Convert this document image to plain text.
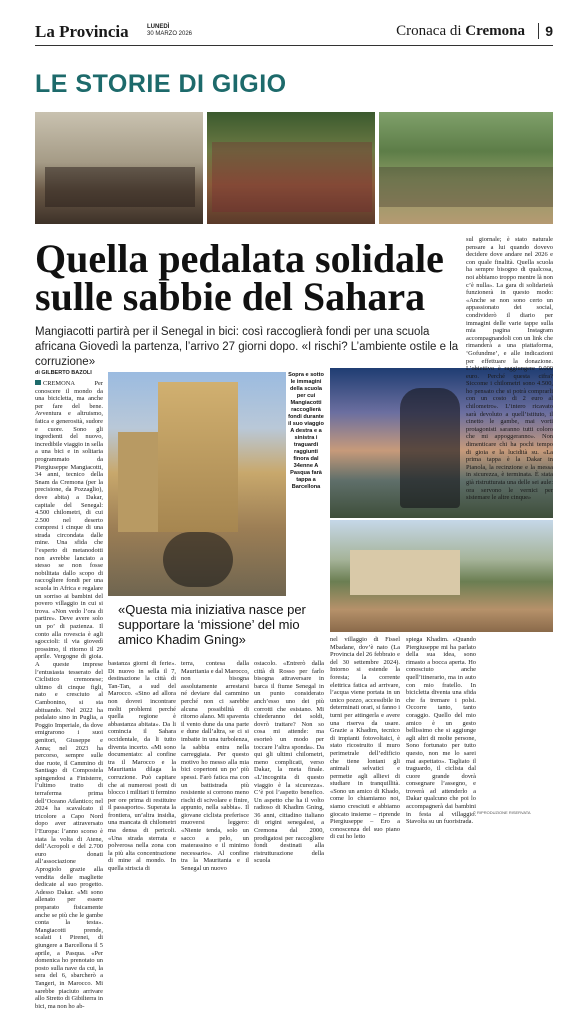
La Provincia	LUNEDÌ
30 MARZO 2026	Cronaca di Cremona	9
LE STORIE DI GIGIO
Quella pedalata solidale sulle sabbie del Sahara
Mangiacotti partirà per il Senegal in bici: così raccoglierà fondi per una scuola africana Giovedì la partenza, l’arrivo 27 giorni dopo. «I rischi? L’ambiente ostile e la corruzione»
di GILBERTO BAZOLI

CREMONA Per conoscere il mondo da una bicicletta, ma anche per fare del bene. Avventura e altruismo, fatica e generosità, sudore e cuore. Sono gli ingredienti del nuovo, incredibile viaggio in sella a una bici e in solitaria programmato da Piergiuseppe Mangiacotti, 34 anni, tecnico della Snam da Cremona (per la precisione, da Pozzaglio), dove abita) a Dakar, capitale del Senegal: 4.500 chilometri, di cui 2.500 nel deserto compresi i cinque di una strada circondata dalle mine. Una sfida che l’esperto di metanodotti non avrebbe lanciato a stesso se non fosse nobilitata dallo scopo di raccogliere fondi per una scuola in Africa e regalare un sorriso ai bambini del povero villaggio in cui si trova. «Non vedo l’ora di partire». Deve avere solo un po’ di pazienza. Il conto alla rovescia è agli sgoccioli: il via giovedì prossimo, il ritorno il 29 aprile. Vergogne di gioia. A queste imprese l’entusiasta tesserato del Ciclistico cremonese; ultimo di cinque figli, nato e cresciuto al Cambonino, si sta abituando. Nel 2022 ha pedalato sino in Puglia, a Poggio Imperiale, da dove emigrarono i suoi genitori, Giuseppe e Anna; nel 2023 ha percorso, sempre sulle due ruote, il Cammino di Santiago di Compostela spingendosi a Finisterre, l’ultimo tratto di terraferma prima dell’Oceano Atlantico; nel 2024 ha scavalcato il tricolore a Capo Nord dopo aver attraversato l’Europa: l’anno scorso è stata la volta di Atene, dell’Acropoli e del 2.700 euro donati all’associazione Aprogiolo grazie alla vendita delle magliette dedicate al suo progetto. Adesso Dakar. «Mi sono allenato per essere preparato fisicamente anche se più che le gambe conta la testa». Mangiacotti prende, scalati i Pirenei, di giungere a Barcellona il 5 aprile, a Pasqua. «Per domenica ho prenotato un posto sulla nave da cui, la sera del 6, sbarcherò a Tangeri, in Marocco. Mi sarebbe piaciuto arrivare allo Stretto di Gibilterra in bici, ma non ho ab-

Sopra e sotto le immagini della scuola per cui Mangiacotti raccoglierà fondi durante il suo viaggio A destra e a sinistra i traguardi raggiunti finora dal 34enne A Pasqua farà tappa a Barcellona
«Questa mia iniziativa nasce per supportare la ‘missione’ del mio amico Khadim Gning»

bastanza giorni di ferie». Di nuovo in sella il 7, destinazione la città di Tan-Tan, a sud del Marocco. «Sino ad allora non dovrei incontrare molti problemi perché quella regione è abbastanza abitata». Da li comincia il Sahara occidentale, da li tutto diventa incerto. «Mi sono documentato: al confine tra il Marocco e la Mauritania dilaga la corruzione. Può capitare che ai numerosi posti di blocco i militari ti fermino per ore prima di restituire il passaporto». Superata la frontiera, un’altra insidia, una mancata di chilometri ma densa di pericoli. «Una strada sterrata e polverosa nella zona con la più alta concentrazione di mine al mondo. In quella striscia di

terra, contesa dalla Mauritania e dal Marocco, non bisogna assolutamente arrestarsi né deviare dal cammino perché non ci sarebbe alcuna possibilità di ritorno alano. Mi spaventa il vento dune da una parte e dune dall’altra, se ci si imbatte in una turbolenza, la sabbia entra nella carreggiata. Per questo motivo ho messo alla mia bici copertoni un po’ più spessi. Farò fatica ma con un battistrada più resistente si corrono meno rischi di scivolare e finire, appunto, nella sabbia». Il giovane ciclista preferisce muoversi leggero: «Niente tenda, solo un sacco a pelo, un materassino e il minimo necessario». Al confine tra la Mauritania e il Senegal un nuovo

ostacolo. «Entrerò dalla città di Rosso per farlo bisogna attraversare in barca il fiume Senegal in un punto considerato anch’esso uno dei più corrotti che esistano. Mi chiederanno dei soldi, dovrò trattare? Non so cosa mi attende: ma esorteò un modo per toccare l’altra sponda». Da qui gli ultimi chilometri, meno complicati, verso Dakar, la meta finale. «L’incognita di questo viaggio è la sicurezza». C’è poi l’aspetto benefico. Un aspetto che ha il volto radioso di Khadim Gning, 36 anni, cittadino italiano di origini senegalesi, a Cremona dal 2000, prodigatosi per raccogliere fondi destinati alla ristrutturazione della scuola

nel villaggio di Fissel Mbadane, dov’è nato (La Provincia del 26 febbraio e del 30 settembre 2024). Intorno si estende la foresta; la corrente elettrica fatica ad arrivare, l’acqua viene portata in un unico pozzo, accessibile in determinati orari, si fanno i turni per attingerla e avere una riserva da usare. Grazie a Khadim, tecnico di impianti fotovoltaici, è stato ricostruito il muro perimetrale dell’edificio che tiene lontani gli animali selvatici e permette agli allievi di studiare in tranquillità. «Sono un amico di Khado, come lo chiamiamo noi, siamo cresciuti e abbiamo giocato insieme – riprende Piergiuseppe – Ero a conoscenza del suo piano di cui ho letto

sul giornale; è stato naturale pensare a lui quando dovevo decidere dove andare nel 2026 e con quale finalità. Quella scuola ha sempre bisogno di qualcosa, noi abbiamo troppo mentre là non c’è nulla». La gara di solidarietà funzionerà in questo modo: «Anche se non sono certo un appassionato dei social, condividerò il diario per immagini delle varie tappe sulla mia pagina Instagram accompagnandoli con un link che rimanderà a una piattaforma, ‘Gofundme’, e alle indicazioni per effettuare la donazione. L’obiettivo è raggiungere 9.000 euro. Perché questa cifra? Siccome i chilometri sono 4.500, ho pensato che si potrà comprarli con un costo di 2 euro al chilometro». L’intero ricavato sarà devoluto a quell’istituto, il cinetto le gambe, mai vorti protagonisti saranno tutti coloro che mi appoggeranno». Non dimenticare chi ha pochi tempo di gioia e la lucidità su. «La prima tappa è la Dakar in Pianola, la recinzione e la messa in sicurezza, è terminata. È stata già ristrutturata una delle sei aule: ora servono le vernici per sistemare le altre cinque»

spiega Khadim. «Quando Piergiuseppe mi ha parlato della sua idea, sono rimasto a bocca aperta. Ho conosciuto anche quell’itinerario, ma in auto con mio fratello. In bicicletta diventa una sfida che fa tremare i polsi. Occorre tanto, tanto coraggio. Quello del mio amico è un gesto bellissimo che si aggiunge agli altri di molte persone, Sono fortunato per tutto questo, non me lo sarei mai aspettato». Tagliato il traguardo, il ciclista dal cuore grande dovrà consegnare l’assegno, e troverà ad attenderlo a Dakar qualcuno che poi lo accompagnerà dai bambini in festa al villaggio. Stavolta su un fuoristrada.

© RIPRODUZIONE RISERVATA
